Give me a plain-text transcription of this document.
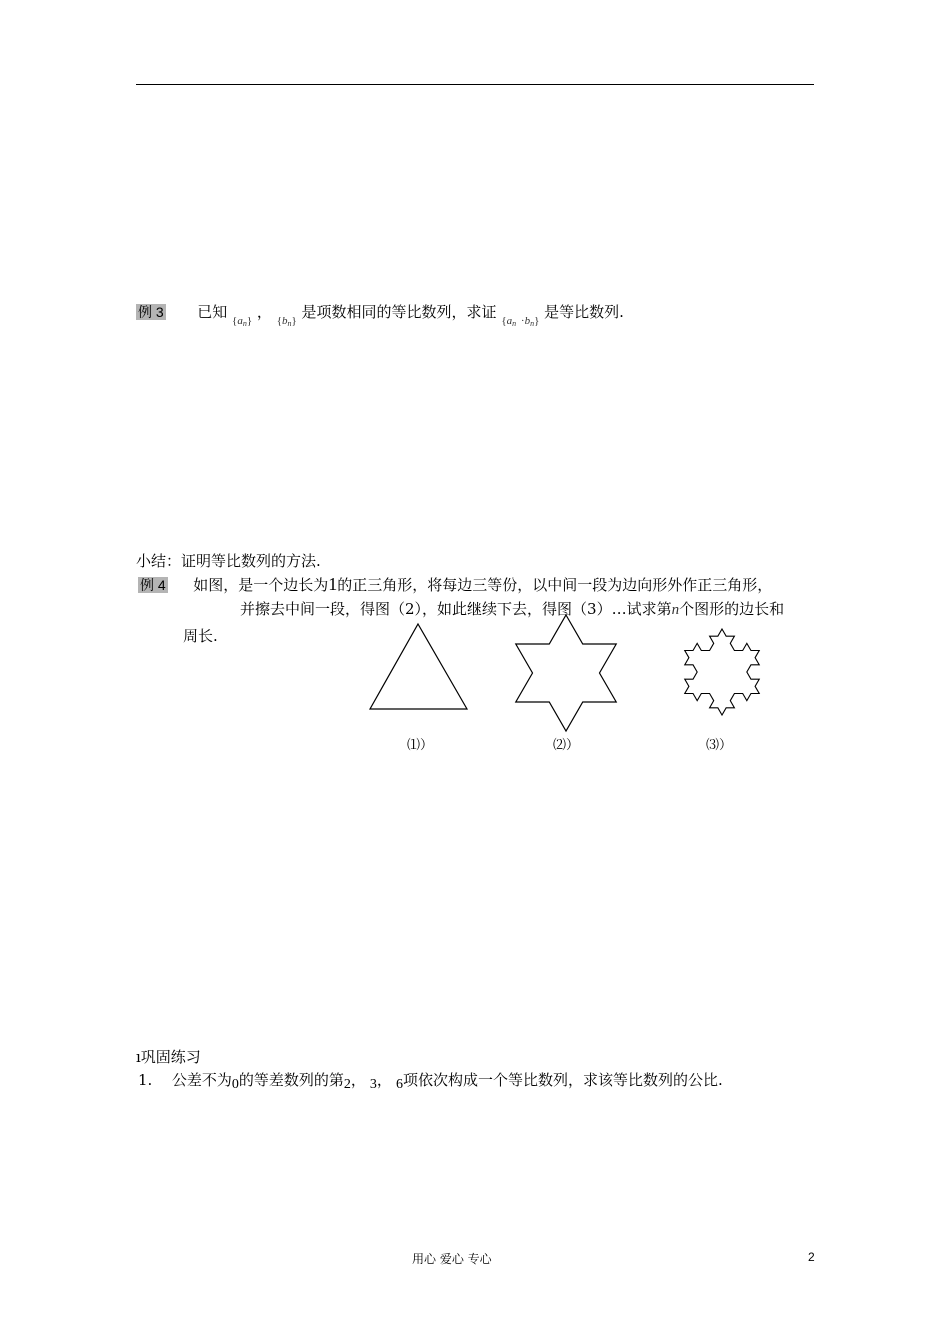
例 3 已知 $\{a_n\}$ ， $\{b_n\}$ 是项数相同的等比数列，求证 $\{a_n \cdot b_n\}$ 是等比数列.
小结：证明等比数列的方法.
例 4 如图，是一个边长为1的正三角形，将每边三等份，以中间一段为边向形外作正三角形，
并擦去中间一段，得图（2），如此继续下去，得图（3）…试求第n个图形的边长和
周长.
⑴）	⑵）	⑶）
ı巩固练习
1. 公差不为0的等差数列的第2， 3， 6项依次构成一个等比数列，求该等比数列的公比.
用心 爱心 专心	2
